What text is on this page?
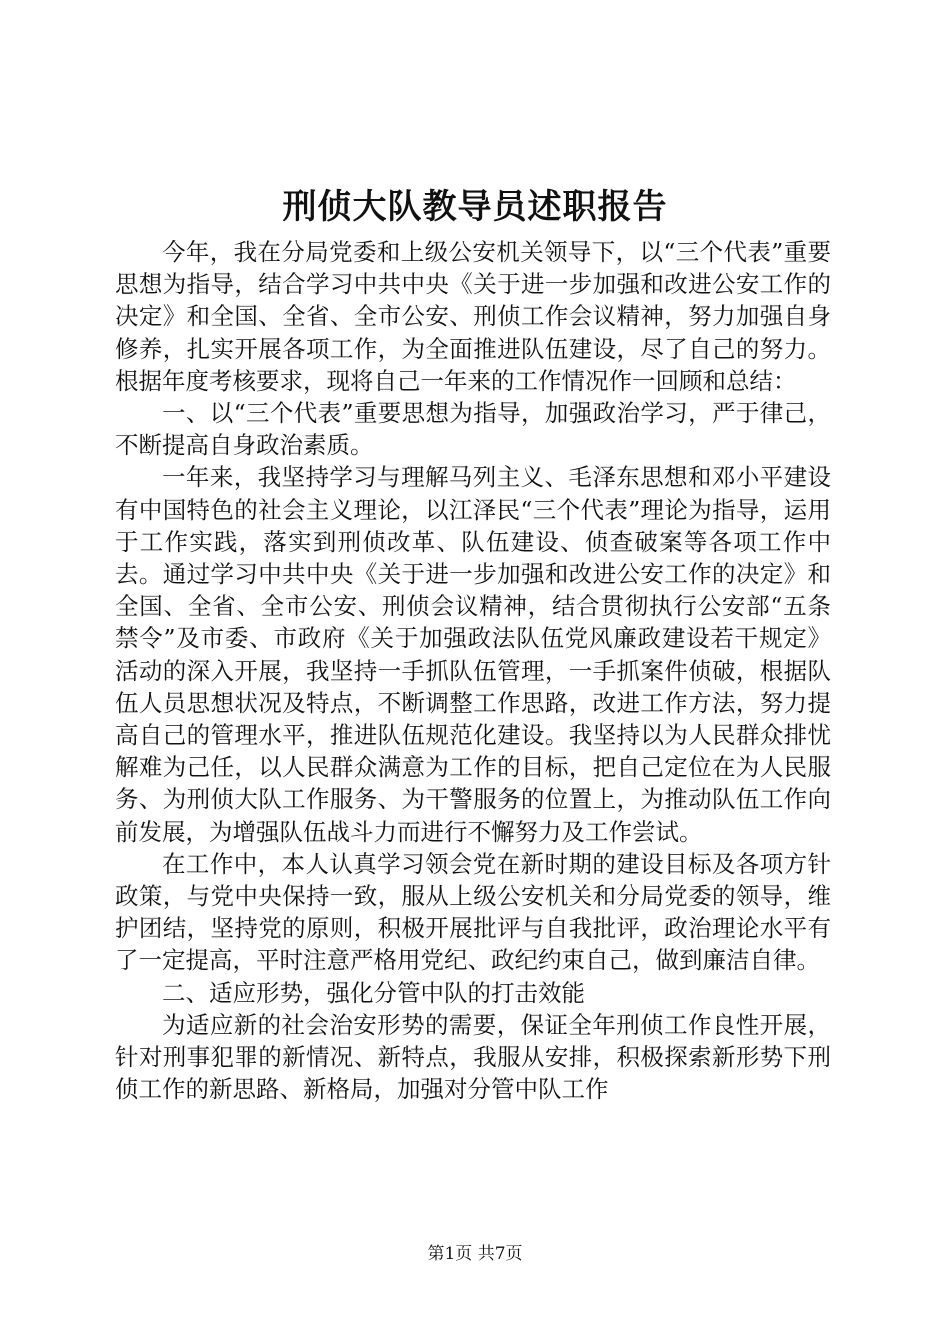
刑侦大队教导员述职报告

今年，我在分局党委和上级公安机关领导下，以“三个代表”重要思想为指导，结合学习中共中央《关于进一步加强和改进公安工作的决定》和全国、全省、全市公安、刑侦工作会议精神，努力加强自身修养，扎实开展各项工作，为全面推进队伍建设，尽了自己的努力。根据年度考核要求，现将自己一年来的工作情况作一回顾和总结：

一、以“三个代表”重要思想为指导，加强政治学习，严于律己，不断提高自身政治素质。

一年来，我坚持学习与理解马列主义、毛泽东思想和邓小平建设有中国特色的社会主义理论，以江泽民“三个代表”理论为指导，运用于工作实践，落实到刑侦改革、队伍建设、侦查破案等各项工作中去。通过学习中共中央《关于进一步加强和改进公安工作的决定》和全国、全省、全市公安、刑侦会议精神，结合贯彻执行公安部“五条禁令”及市委、市政府《关于加强政法队伍党风廉政建设若干规定》活动的深入开展，我坚持一手抓队伍管理，一手抓案件侦破，根据队伍人员思想状况及特点，不断调整工作思路，改进工作方法，努力提高自己的管理水平，推进队伍规范化建设。我坚持以为人民群众排忧解难为己任，以人民群众满意为工作的目标，把自己定位在为人民服务、为刑侦大队工作服务、为干警服务的位置上，为推动队伍工作向前发展，为增强队伍战斗力而进行不懈努力及工作尝试。

在工作中，本人认真学习领会党在新时期的建设目标及各项方针政策，与党中央保持一致，服从上级公安机关和分局党委的领导，维护团结，坚持党的原则，积极开展批评与自我批评，政治理论水平有了一定提高，平时注意严格用党纪、政纪约束自己，做到廉洁自律。

二、适应形势，强化分管中队的打击效能

为适应新的社会治安形势的需要，保证全年刑侦工作良性开展，针对刑事犯罪的新情况、新特点，我服从安排，积极探索新形势下刑侦工作的新思路、新格局，加强对分管中队工作

第1页 共7页
